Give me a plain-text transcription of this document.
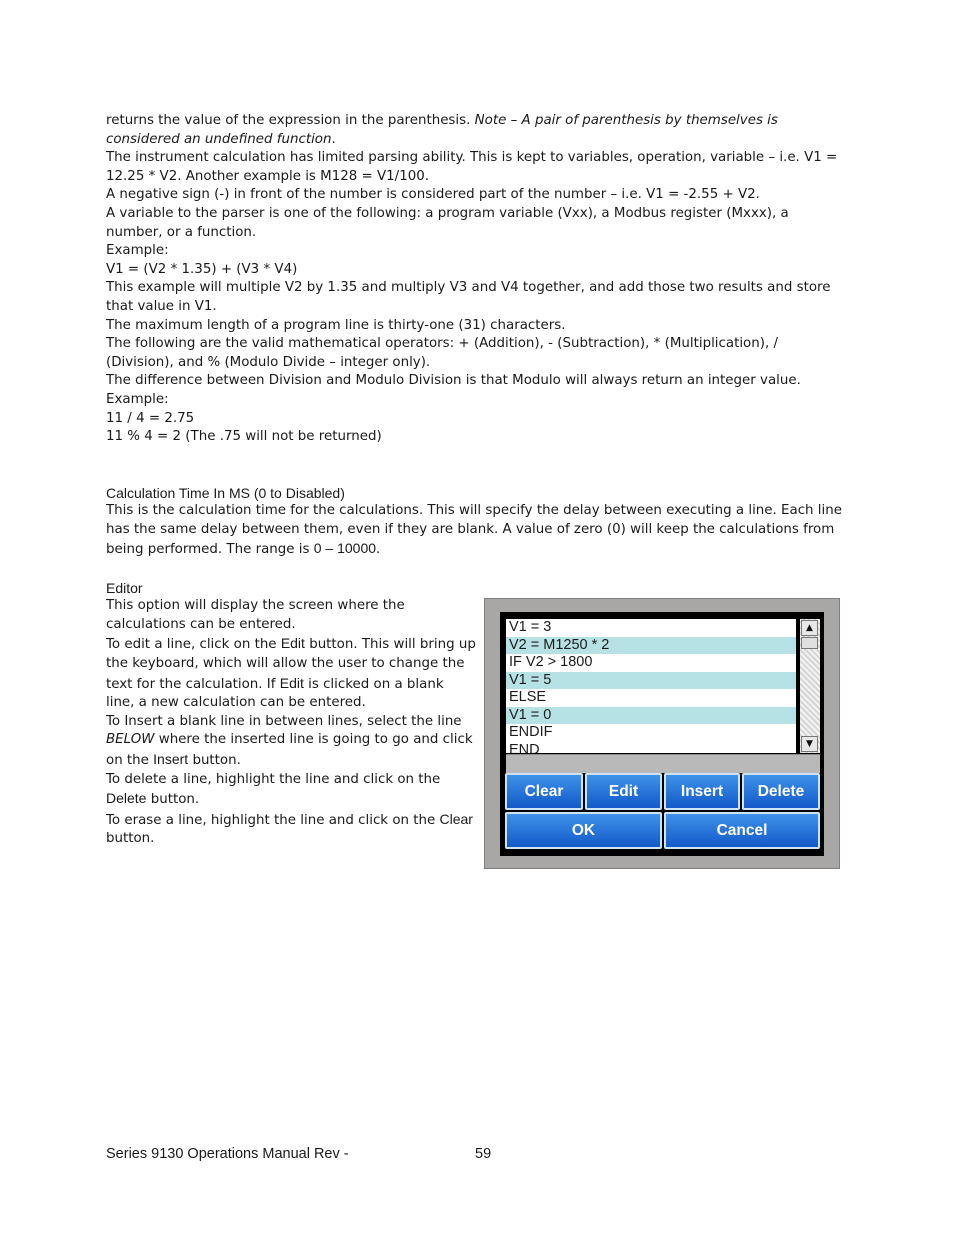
returns the value of the expression in the parenthesis. Note – A pair of parenthesis by themselves is considered an undefined function.

The instrument calculation has limited parsing ability. This is kept to variables, operation, variable – i.e. V1 = 12.25 * V2. Another example is M128 = V1/100.

A negative sign (-) in front of the number is considered part of the number – i.e. V1 = -2.55 + V2.

A variable to the parser is one of the following: a program variable (Vxx), a Modbus register (Mxxx), a number, or a function.

Example:

V1 = (V2 * 1.35) + (V3 * V4)

This example will multiple V2 by 1.35 and multiply V3 and V4 together, and add those two results and store that value in V1.

The maximum length of a program line is thirty-one (31) characters.

The following are the valid mathematical operators: + (Addition), - (Subtraction), * (Multiplication), / (Division), and % (Modulo Divide – integer only).

The difference between Division and Modulo Division is that Modulo will always return an integer value.

Example:

11 / 4 = 2.75

11 % 4 = 2 (The .75 will not be returned)

Calculation Time In MS (0 to Disabled)

This is the calculation time for the calculations. This will specify the delay between executing a line. Each line has the same delay between them, even if they are blank. A value of zero (0) will keep the calculations from being performed. The range is 0 – 10000.

Editor

This option will display the screen where the calculations can be entered.

To edit a line, click on the Edit button. This will bring up the keyboard, which will allow the user to change the text for the calculation. If Edit is clicked on a blank line, a new calculation can be entered.

To Insert a blank line in between lines, select the line BELOW where the inserted line is going to go and click on the Insert button.

To delete a line, highlight the line and click on the Delete button.

To erase a line, highlight the line and click on the Clear button.

V1 = 3
V2 = M1250 * 2
IF V2 > 1800
V1 = 5
ELSE
V1 = 0
ENDIF
END
▲
▼
Clear	Edit	Insert	Delete
OK	Cancel
Series 9130 Operations Manual Rev -	59
